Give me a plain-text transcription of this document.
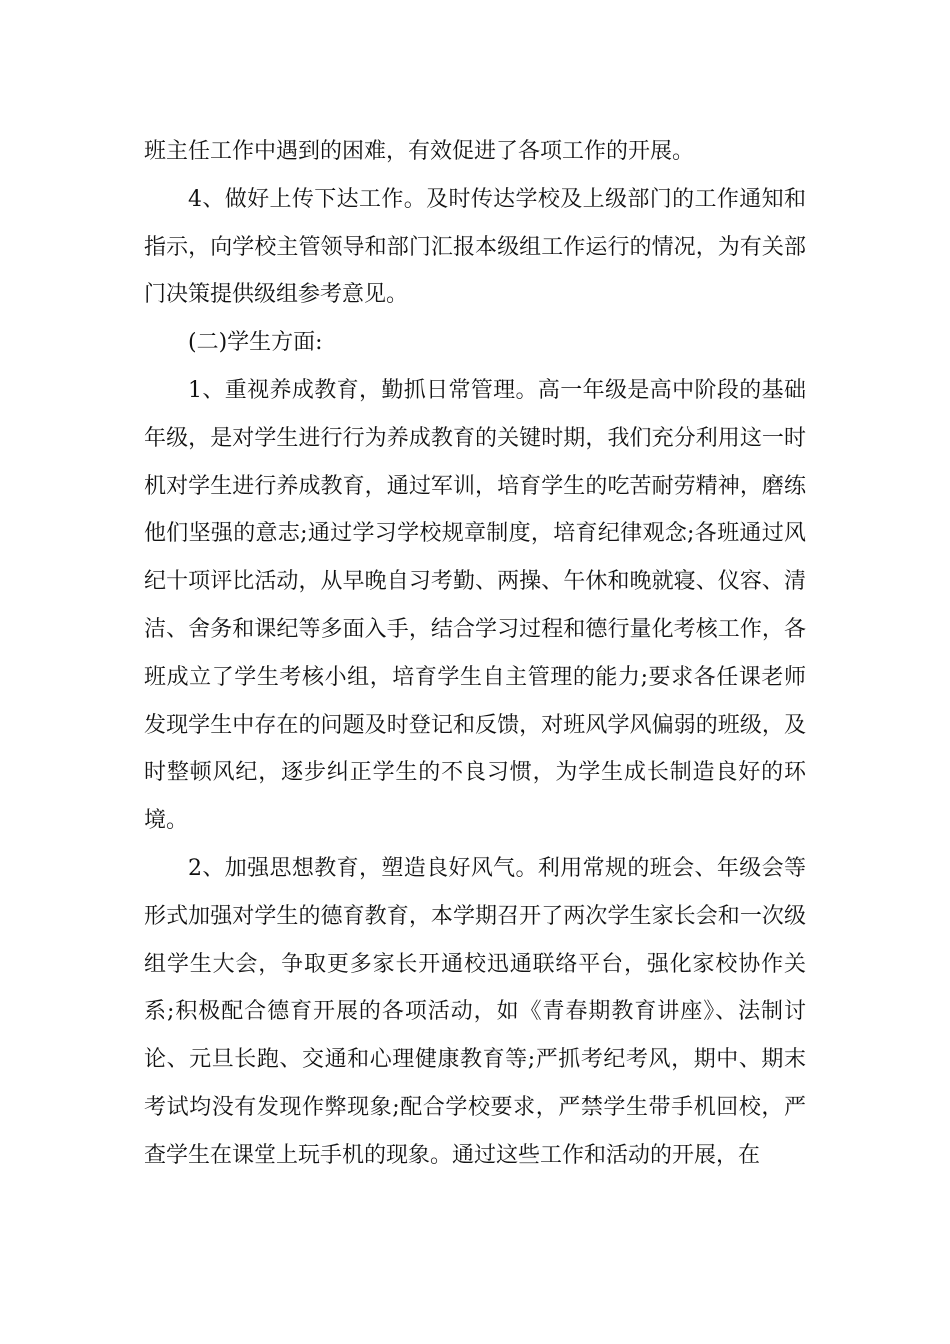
班主任工作中遇到的困难，有效促进了各项工作的开展。

4、做好上传下达工作。及时传达学校及上级部门的工作通知和指示，向学校主管领导和部门汇报本级组工作运行的情况，为有关部门决策提供级组参考意见。

(二)学生方面:

1、重视养成教育，勤抓日常管理。高一年级是高中阶段的基础年级，是对学生进行行为养成教育的关键时期，我们充分利用这一时机对学生进行养成教育，通过军训，培育学生的吃苦耐劳精神，磨练他们坚强的意志;通过学习学校规章制度，培育纪律观念;各班通过风纪十项评比活动，从早晚自习考勤、两操、午休和晚就寝、仪容、清洁、舍务和课纪等多面入手，结合学习过程和德行量化考核工作，各班成立了学生考核小组，培育学生自主管理的能力;要求各任课老师发现学生中存在的问题及时登记和反馈，对班风学风偏弱的班级，及时整顿风纪，逐步纠正学生的不良习惯，为学生成长制造良好的环境。

2、加强思想教育，塑造良好风气。利用常规的班会、年级会等形式加强对学生的德育教育，本学期召开了两次学生家长会和一次级组学生大会，争取更多家长开通校迅通联络平台，强化家校协作关系;积极配合德育开展的各项活动，如《青春期教育讲座》、法制讨论、元旦长跑、交通和心理健康教育等;严抓考纪考风，期中、期末考试均没有发现作弊现象;配合学校要求，严禁学生带手机回校，严查学生在课堂上玩手机的现象。通过这些工作和活动的开展，在
